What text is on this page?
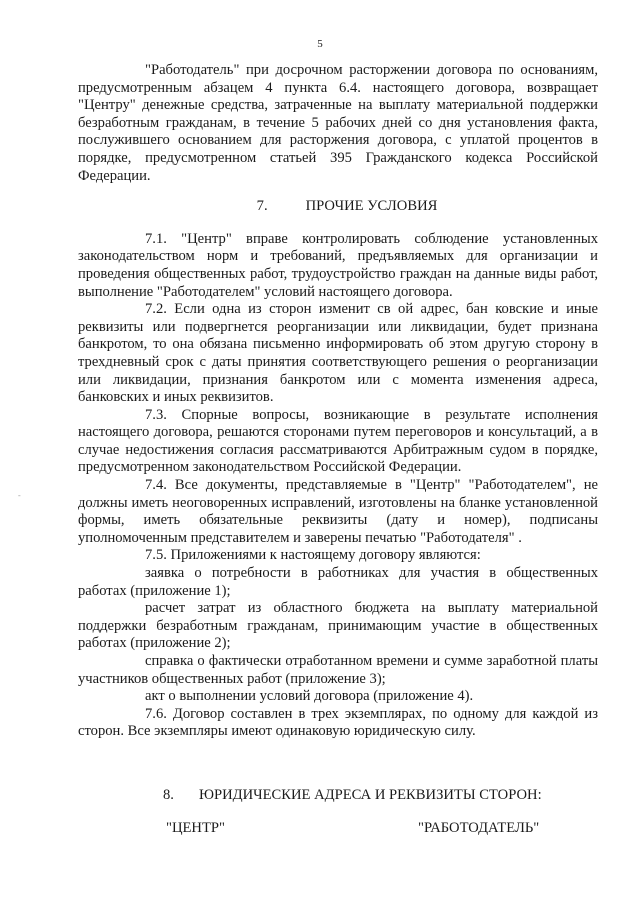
5
-

"Работодатель" при досрочном расторжении договора по основаниям, предусмотренным абзацем 4 пункта 6.4. настоящего договора, возвращает "Центру" денежные средства, затраченные на выплату материальной поддержки безработным гражданам, в течение 5 рабочих дней со дня установления факта, послужившего основанием для расторжения договора, с уплатой процентов в порядке, предусмотренном статьей 395 Гражданского кодекса Российской Федерации.

7.	ПРОЧИЕ УСЛОВИЯ

7.1. "Центр" вправе контролировать соблюдение установленных законодательством норм и требований, предъявляемых для организации и проведения общественных работ, трудоустройство граждан на данные виды работ, выполнение "Работодателем" условий настоящего договора.

7.2. Если одна из сторон изменит св ой адрес, бан ковские и иные реквизиты или подвергнется реорганизации или ликвидации, будет признана банкротом, то она обязана письменно информировать об этом другую сторону в трехдневный срок с даты принятия соответствующего решения о реорганизации или ликвидации, признания банкротом или с момента изменения адреса, банковских и иных реквизитов.

7.3. Спорные вопросы, возникающие в результате исполнения настоящего договора, решаются сторонами путем переговоров и консультаций, а в случае недостижения согласия рассматриваются Арбитражным судом в порядке, предусмотренном законодательством Российской Федерации.

7.4. Все документы, представляемые в "Центр" "Работодателем", не должны иметь неоговоренных исправлений, изготовлены на бланке установленной формы, иметь обязательные реквизиты (дату и номер), подписаны уполномоченным представителем и заверены печатью "Работодателя" .

7.5. Приложениями к настоящему договору являются:

заявка о потребности в работниках для участия в общественных работах (приложение 1);

расчет затрат из областного бюджета на выплату материальной поддержки безработным гражданам, принимающим участие в общественных работах (приложение 2);

справка о фактически отработанном времени и сумме заработной платы участников общественных работ (приложение 3);

акт о выполнении условий договора (приложение 4).

7.6. Договор составлен в трех экземплярах, по одному для каждой из сторон. Все экземпляры имеют одинаковую юридическую силу.

8. ЮРИДИЧЕСКИЕ АДРЕСА И РЕКВИЗИТЫ СТОРОН:
"ЦЕНТР"	"РАБОТОДАТЕЛЬ"
